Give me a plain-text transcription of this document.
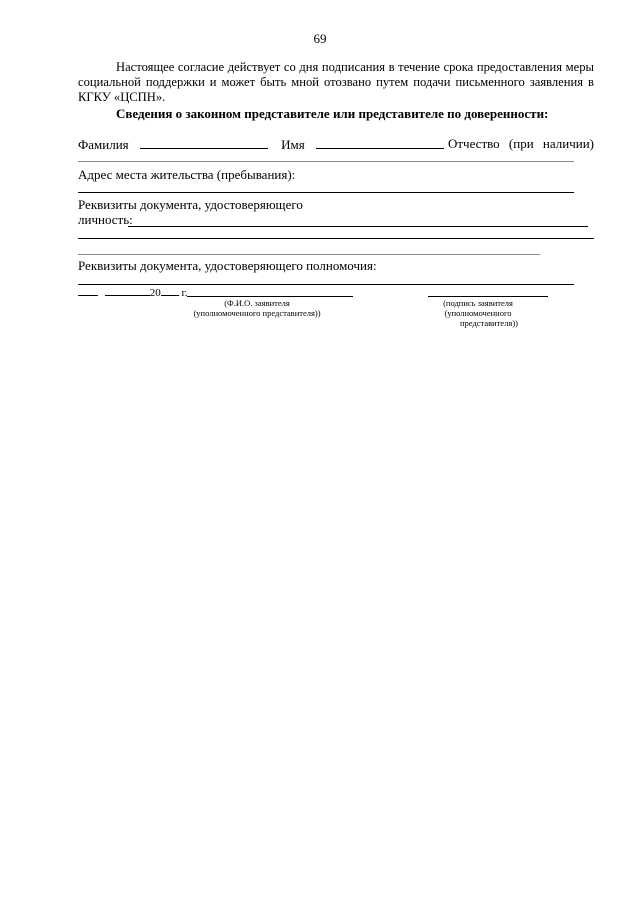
69
Настоящее согласие действует со дня подписания в течение срока предоставления меры социальной поддержки и может быть мной отозвано путем подачи письменного заявления в КГКУ «ЦСПН».
Сведения о законном представителе или представителе по доверенности:
Фамилия	Имя	Отчество (при наличии)
Адрес места жительства (пребывания):
Реквизиты документа, удостоверяющего
личность:
Реквизиты документа, удостоверяющего полномочия:
20 г.
(Ф.И.О. заявителя
(уполномоченного представителя))
(подпись заявителя
(уполномоченного
представителя))
